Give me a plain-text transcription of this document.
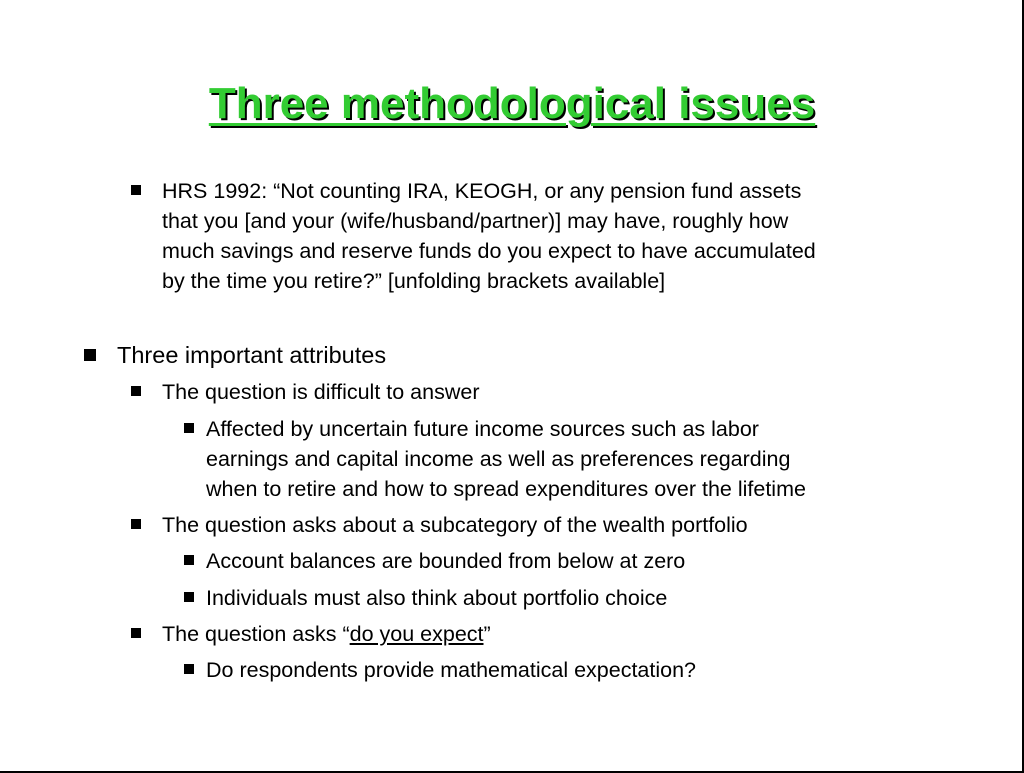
Three methodological issues
HRS 1992: “Not counting IRA, KEOGH, or any pension fund assets
that you [and your (wife/husband/partner)] may have, roughly how
much savings and reserve funds do you expect to have accumulated
by the time you retire?” [unfolding brackets available]
Three important attributes
The question is difficult to answer
Affected by uncertain future income sources such as labor
earnings and capital income as well as preferences regarding
when to retire and how to spread expenditures over the lifetime
The question asks about a subcategory of the wealth portfolio
Account balances are bounded from below at zero
Individuals must also think about portfolio choice
The question asks “do you expect”
Do respondents provide mathematical expectation?
